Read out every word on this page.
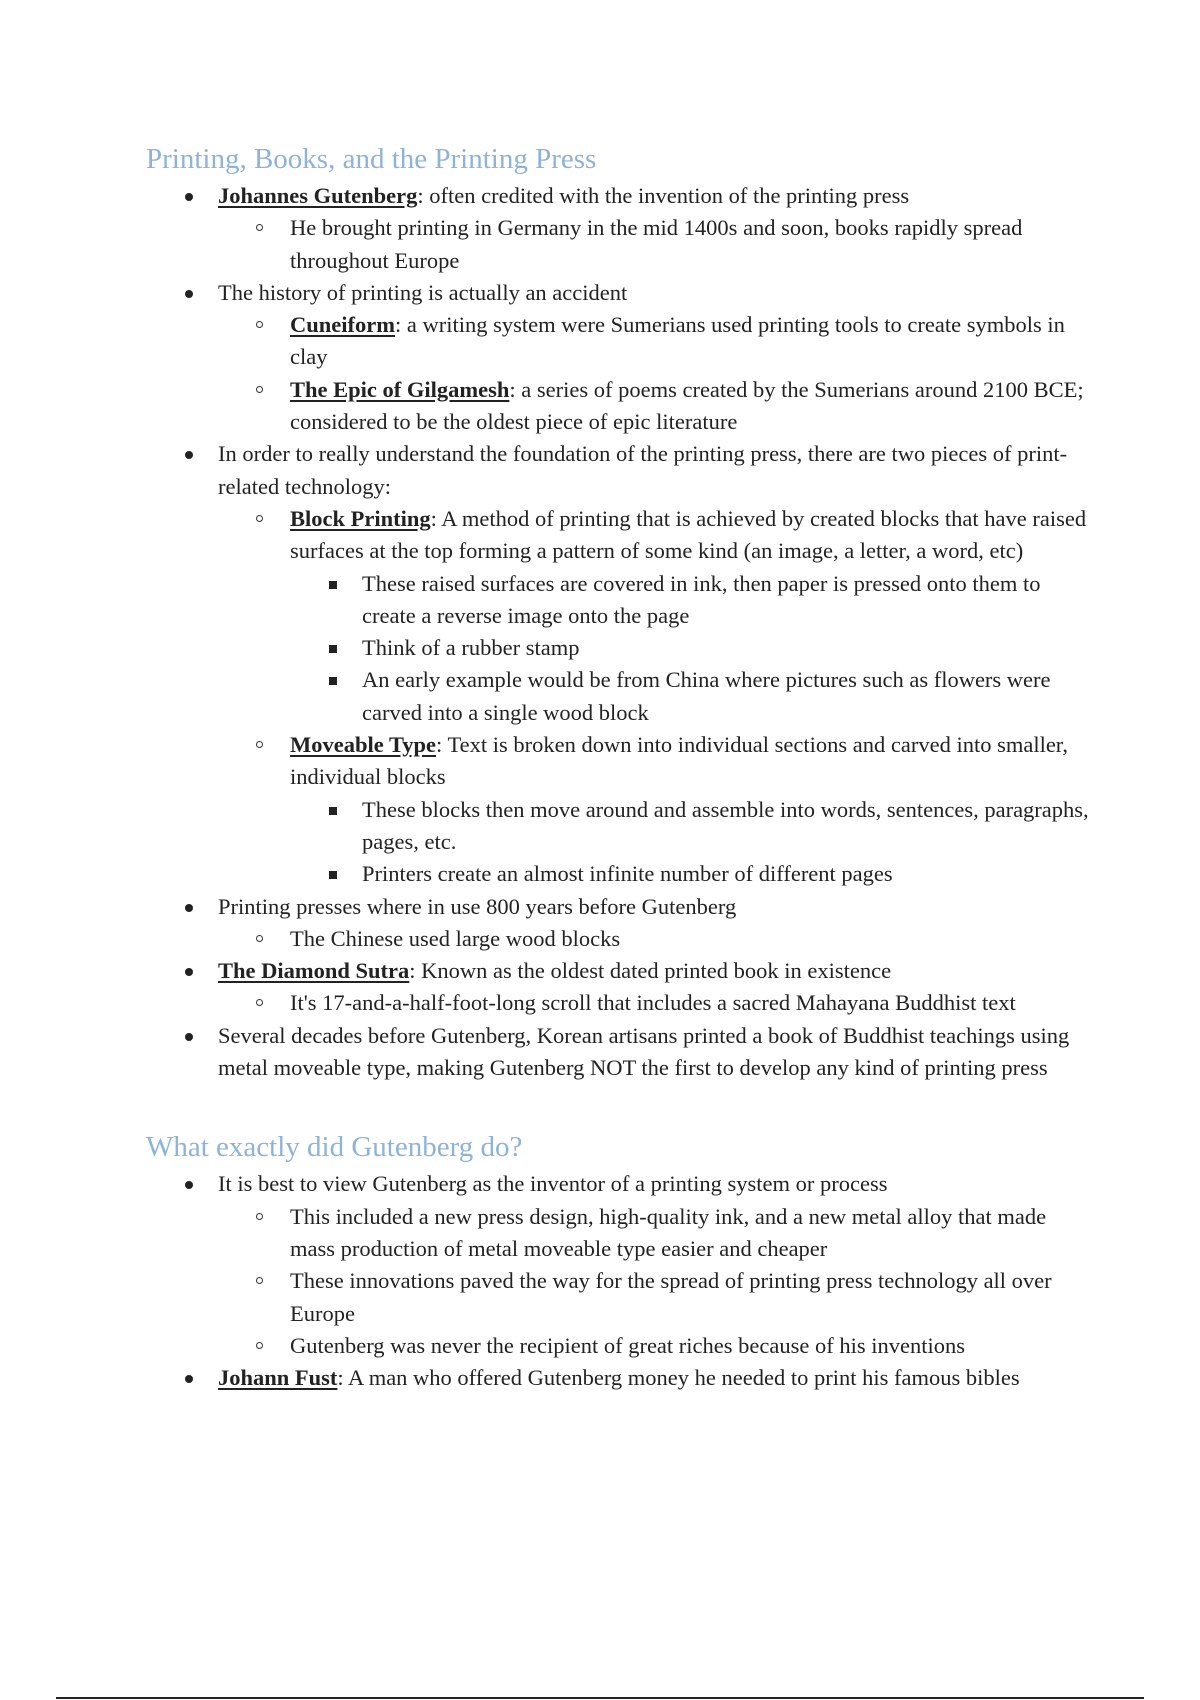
Printing, Books, and the Printing Press
Johannes Gutenberg: often credited with the invention of the printing press
He brought printing in Germany in the mid 1400s and soon, books rapidly spread throughout Europe
The history of printing is actually an accident
Cuneiform: a writing system were Sumerians used printing tools to create symbols in clay
The Epic of Gilgamesh: a series of poems created by the Sumerians around 2100 BCE; considered to be the oldest piece of epic literature
In order to really understand the foundation of the printing press, there are two pieces of print-related technology:
Block Printing: A method of printing that is achieved by created blocks that have raised surfaces at the top forming a pattern of some kind (an image, a letter, a word, etc)
These raised surfaces are covered in ink, then paper is pressed onto them to create a reverse image onto the page
Think of a rubber stamp
An early example would be from China where pictures such as flowers were carved into a single wood block
Moveable Type: Text is broken down into individual sections and carved into smaller, individual blocks
These blocks then move around and assemble into words, sentences, paragraphs, pages, etc.
Printers create an almost infinite number of different pages
Printing presses where in use 800 years before Gutenberg
The Chinese used large wood blocks
The Diamond Sutra: Known as the oldest dated printed book in existence
It's 17-and-a-half-foot-long scroll that includes a sacred Mahayana Buddhist text
Several decades before Gutenberg, Korean artisans printed a book of Buddhist teachings using metal moveable type, making Gutenberg NOT the first to develop any kind of printing press
What exactly did Gutenberg do?
It is best to view Gutenberg as the inventor of a printing system or process
This included a new press design, high-quality ink, and a new metal alloy that made mass production of metal moveable type easier and cheaper
These innovations paved the way for the spread of printing press technology all over Europe
Gutenberg was never the recipient of great riches because of his inventions
Johann Fust: A man who offered Gutenberg money he needed to print his famous bibles
